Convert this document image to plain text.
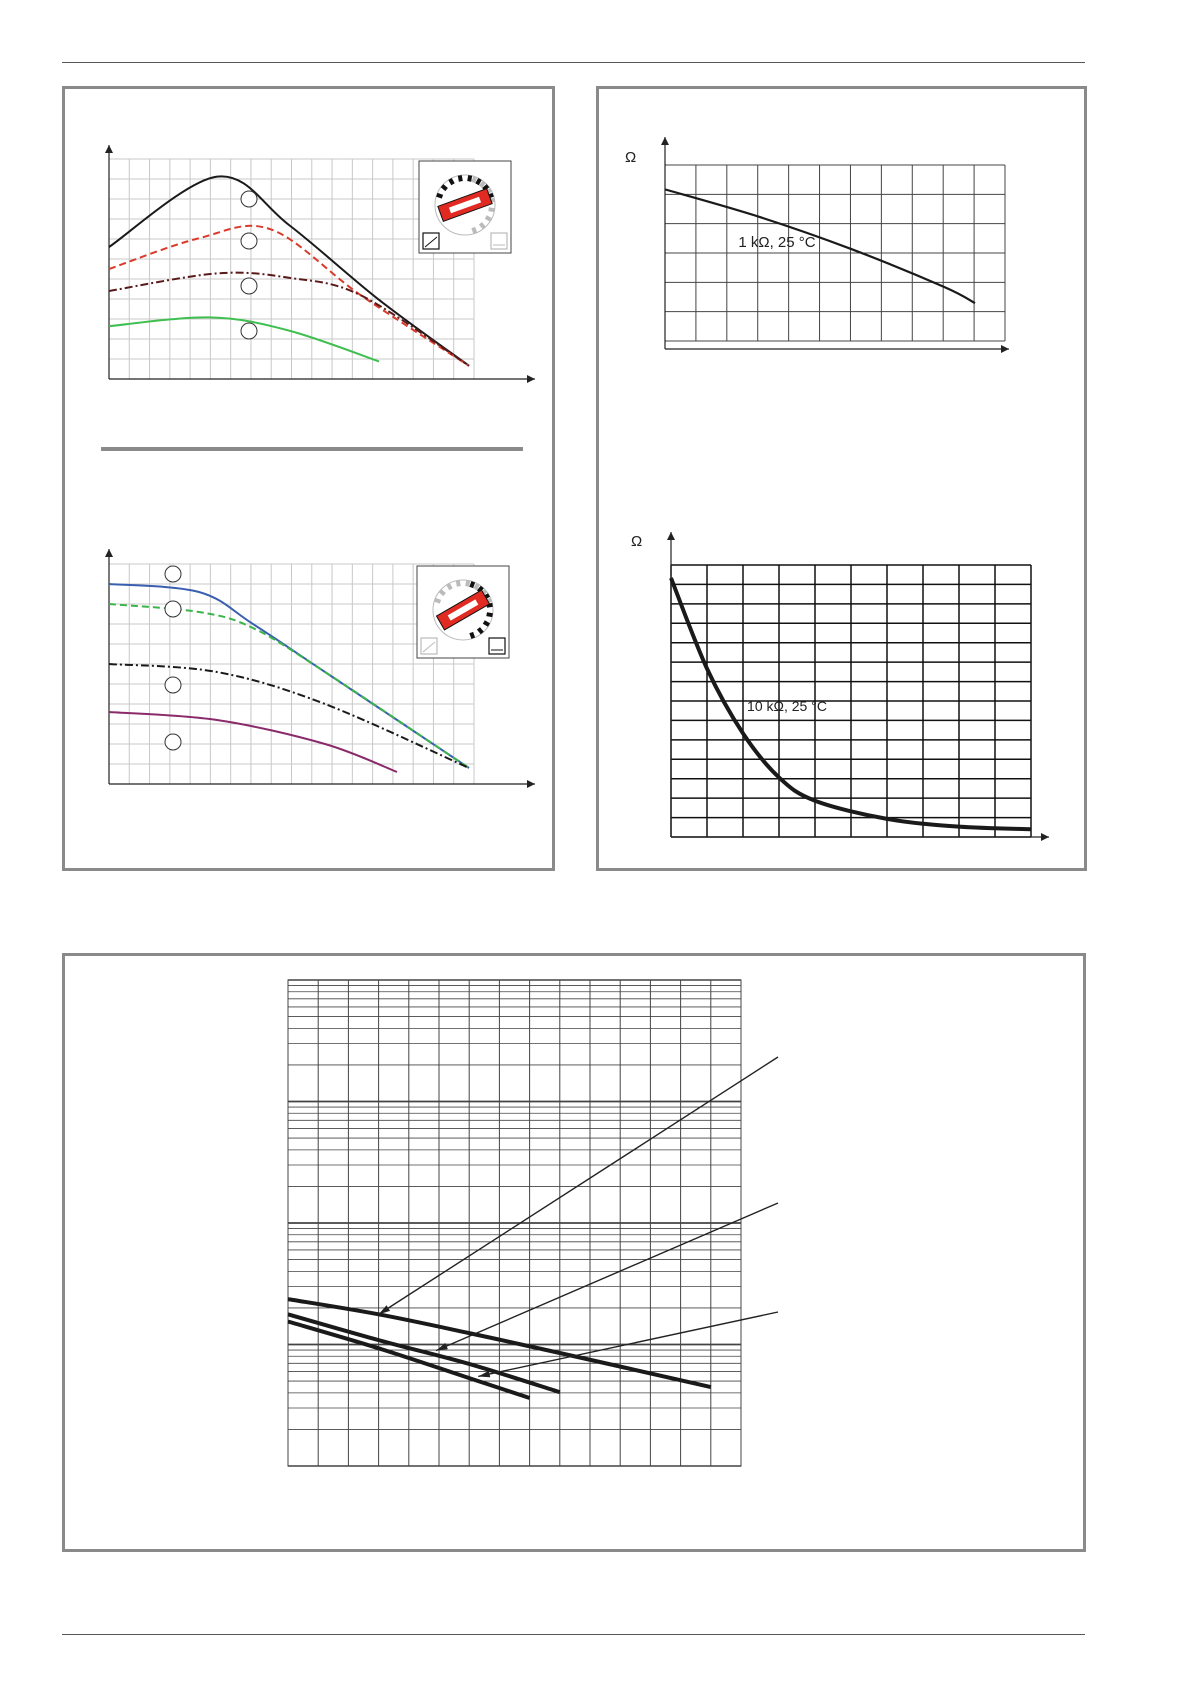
Ω
1 kΩ, 25 °C
Ω
10 kΩ, 25 °C
